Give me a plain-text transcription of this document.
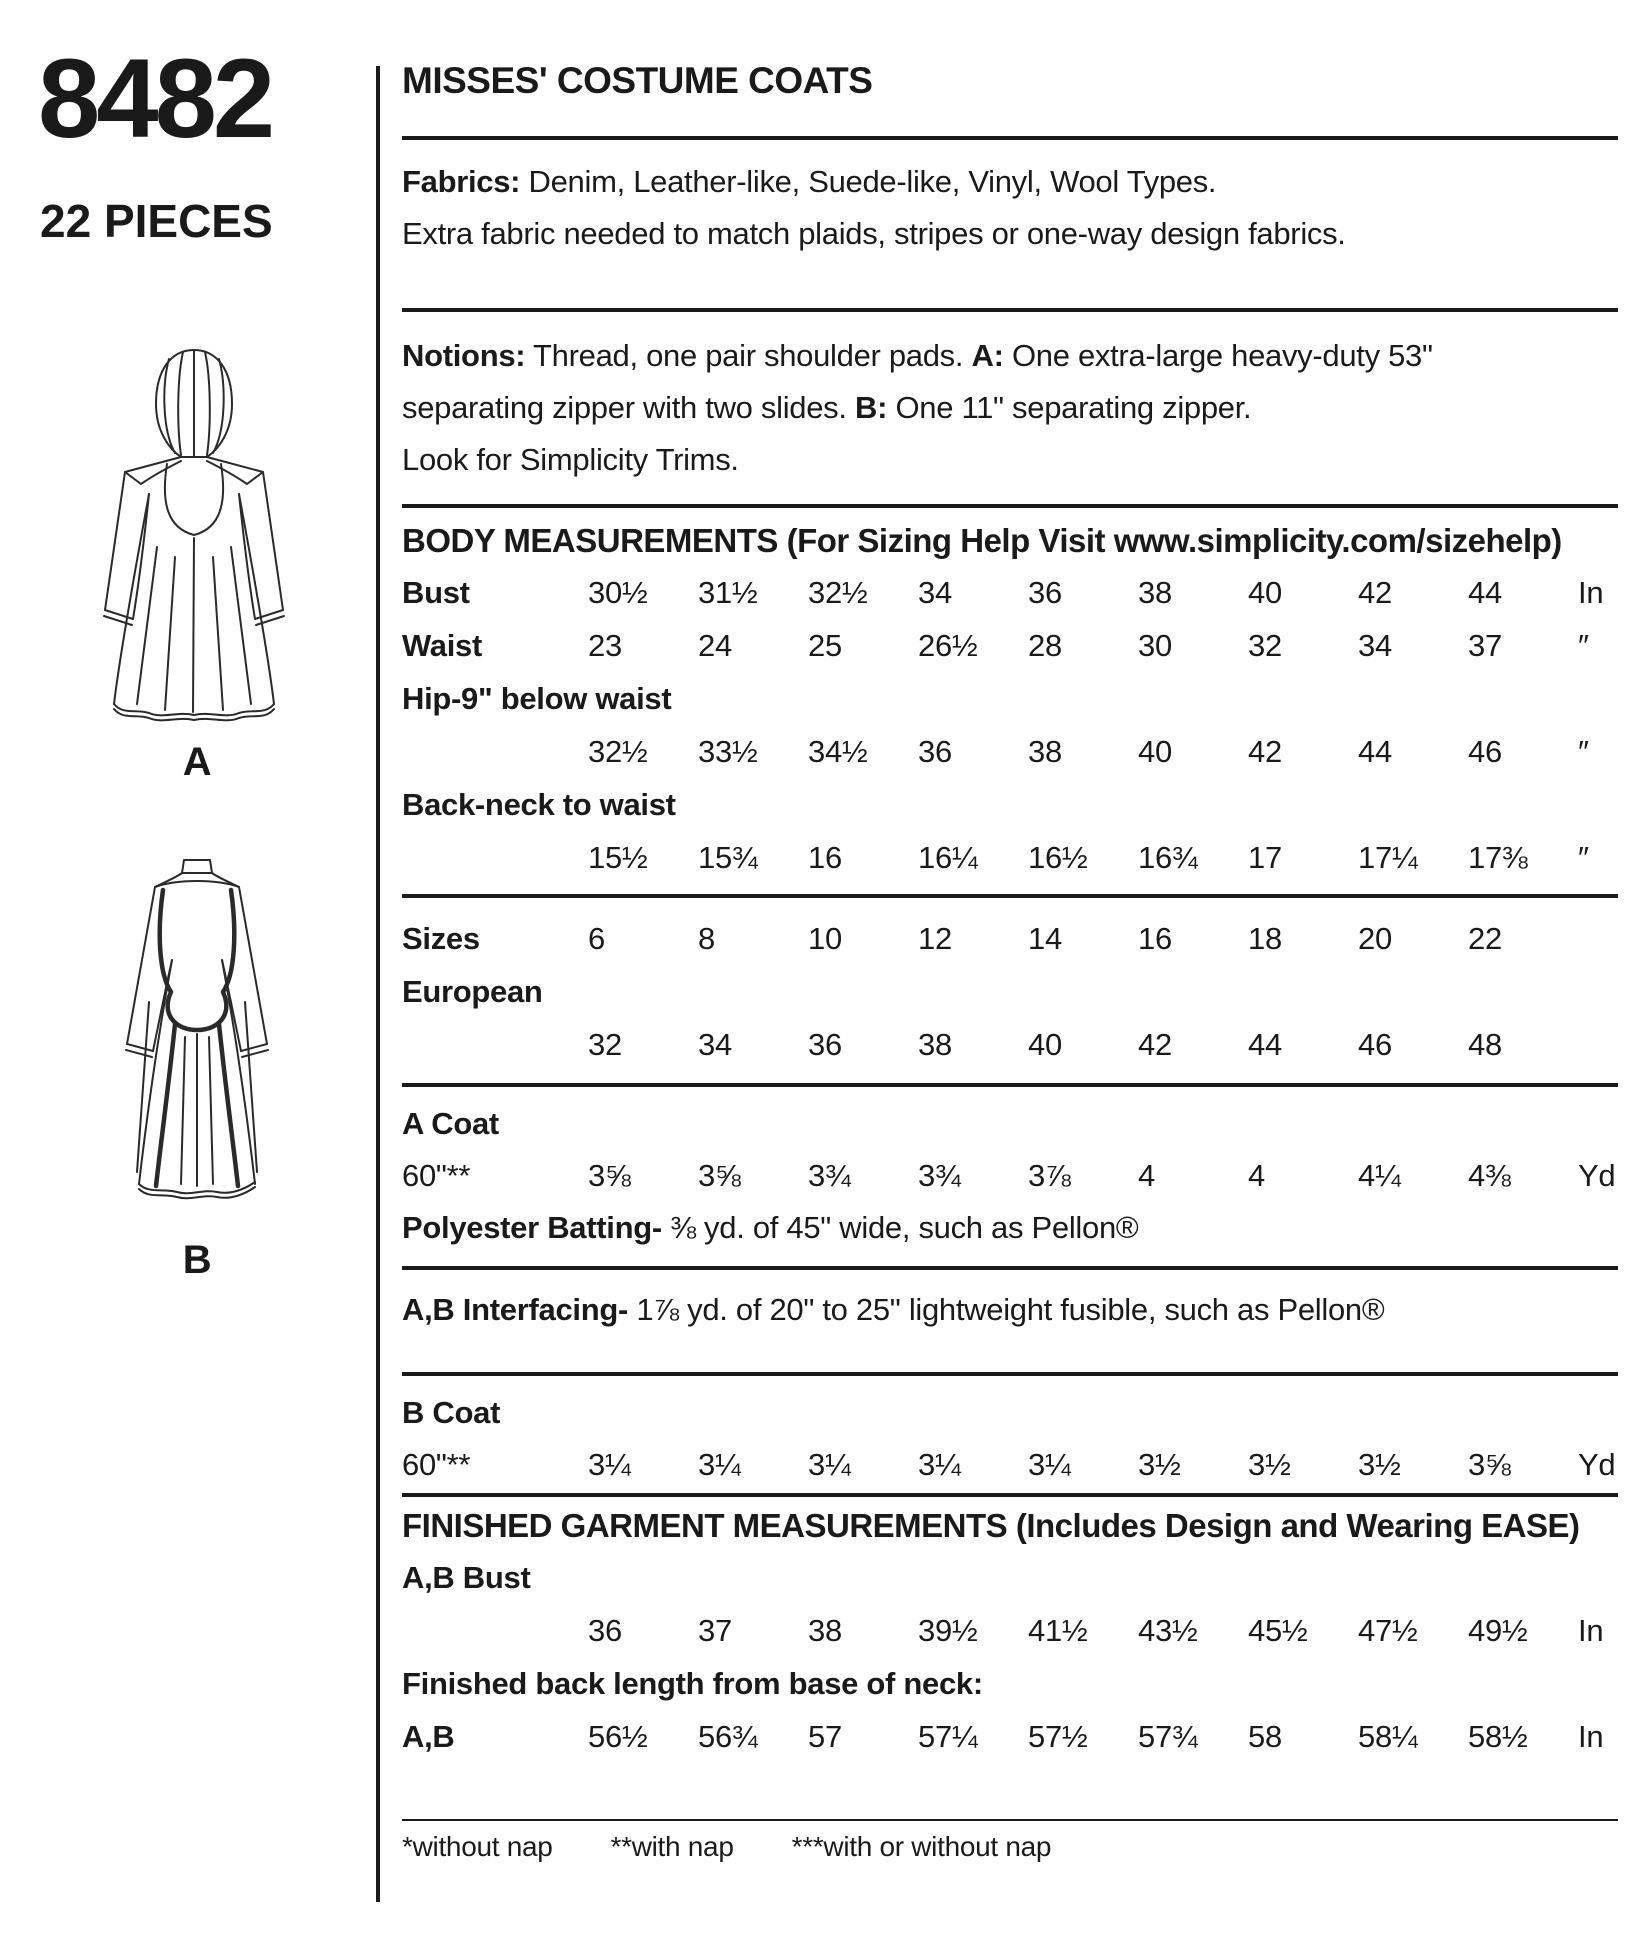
8482
22 PIECES
A
B
MISSES' COSTUME COATS
Fabrics: Denim, Leather-like, Suede-like, Vinyl, Wool Types.
Extra fabric needed to match plaids, stripes or one-way design fabrics.
Notions: Thread, one pair shoulder pads. A: One extra-large heavy-duty 53" separating zipper with two slides. B: One 11" separating zipper.
Look for Simplicity Trims.
BODY MEASUREMENTS (For Sizing Help Visit www.simplicity.com/sizehelp)
Bust	30½	31½	32½	34	36	38	40	42	44	In
Waist	23	24	25	26½	28	30	32	34	37	″
Hip-9" below waist
32½	33½	34½	36	38	40	42	44	46	″
Back-neck to waist
15½	15¾	16	16¼	16½	16¾	17	17¼	17⅜	″
Sizes	6	8	10	12	14	16	18	20	22
European
32	34	36	38	40	42	44	46	48
A Coat
60"**	3⅝	3⅝	3¾	3¾	3⅞	4	4	4¼	4⅜	Yd
Polyester Batting- ⅜ yd. of 45" wide, such as Pellon®
A,B Interfacing- 1⅞ yd. of 20" to 25" lightweight fusible, such as Pellon®
B Coat
60"**	3¼	3¼	3¼	3¼	3¼	3½	3½	3½	3⅝	Yd
FINISHED GARMENT MEASUREMENTS (Includes Design and Wearing EASE)
A,B Bust
36	37	38	39½	41½	43½	45½	47½	49½	In
Finished back length from base of neck:
A,B	56½	56¾	57	57¼	57½	57¾	58	58¼	58½	In
*without nap **with nap ***with or without nap
